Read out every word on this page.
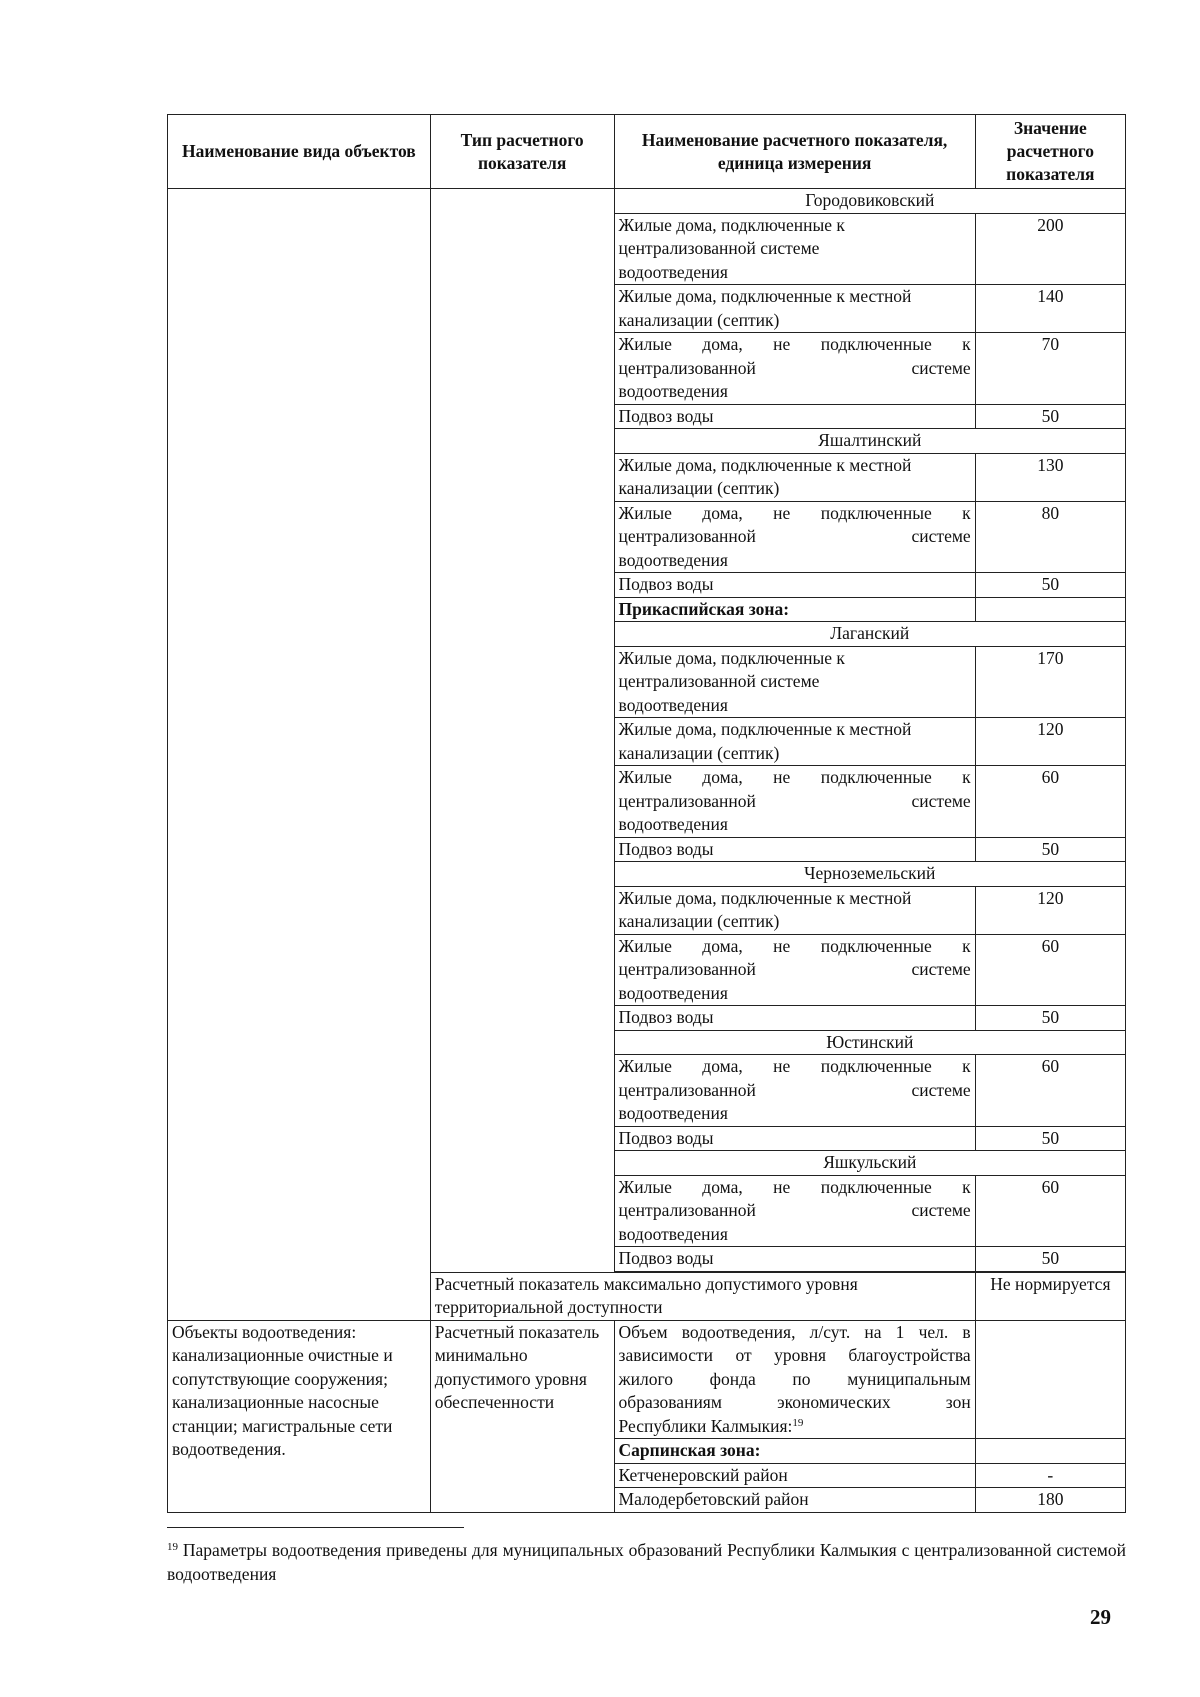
Наименование вида объектов	Тип расчетного показателя	Наименование расчетного показателя, единица измерения	Значение расчетного показателя
		Городовиковский	

		Жилые дома, подключенные к
централизованной системе
водоотведения	200

		Жилые дома, подключенные к местной
канализации (септик)	140

		Жилые дома, не подключенные к
централизованной системе
водоотведения	70
		Подвоз воды	50
		Яшалтинский	

		Жилые дома, подключенные к местной
канализации (септик)	130

		Жилые дома, не подключенные к
централизованной системе
водоотведения	80
		Подвоз воды	50
		Прикаспийская зона:	
		Лаганский	

		Жилые дома, подключенные к
централизованной системе
водоотведения	170

		Жилые дома, подключенные к местной
канализации (септик)	120

		Жилые дома, не подключенные к
централизованной системе
водоотведения	60
		Подвоз воды	50
		Черноземельский	

		Жилые дома, подключенные к местной
канализации (септик)	120

		Жилые дома, не подключенные к
централизованной системе
водоотведения	60
		Подвоз воды	50
		Юстинский	

		Жилые дома, не подключенные к
централизованной системе
водоотведения	60
		Подвоз воды	50
		Яшкульский	

		Жилые дома, не подключенные к
централизованной системе
водоотведения	60
		Подвоз воды	50

	Расчетный показатель максимально допустимого уровня территориальной доступности		Не нормируется
Объекты водоотведения: канализационные очистные и сопутствующие сооружения; канализационные насосные станции; магистральные сети водоотведения.	Расчетный показатель минимально допустимого уровня обеспеченности	Объем водоотведения, л/сут. на 1 чел. в
зависимости от уровня благоустройства
жилого фонда по муниципальным
образованиям экономических зон
Республики Калмыкия:$^{19}$

		Сарпинская зона:	
		Кетченеровский район	-
		Малодербетовский район	180
$^{19}$ Параметры водоотведения приведены для муниципальных образований Республики Калмыкия с централизованной системой водоотведения
29
